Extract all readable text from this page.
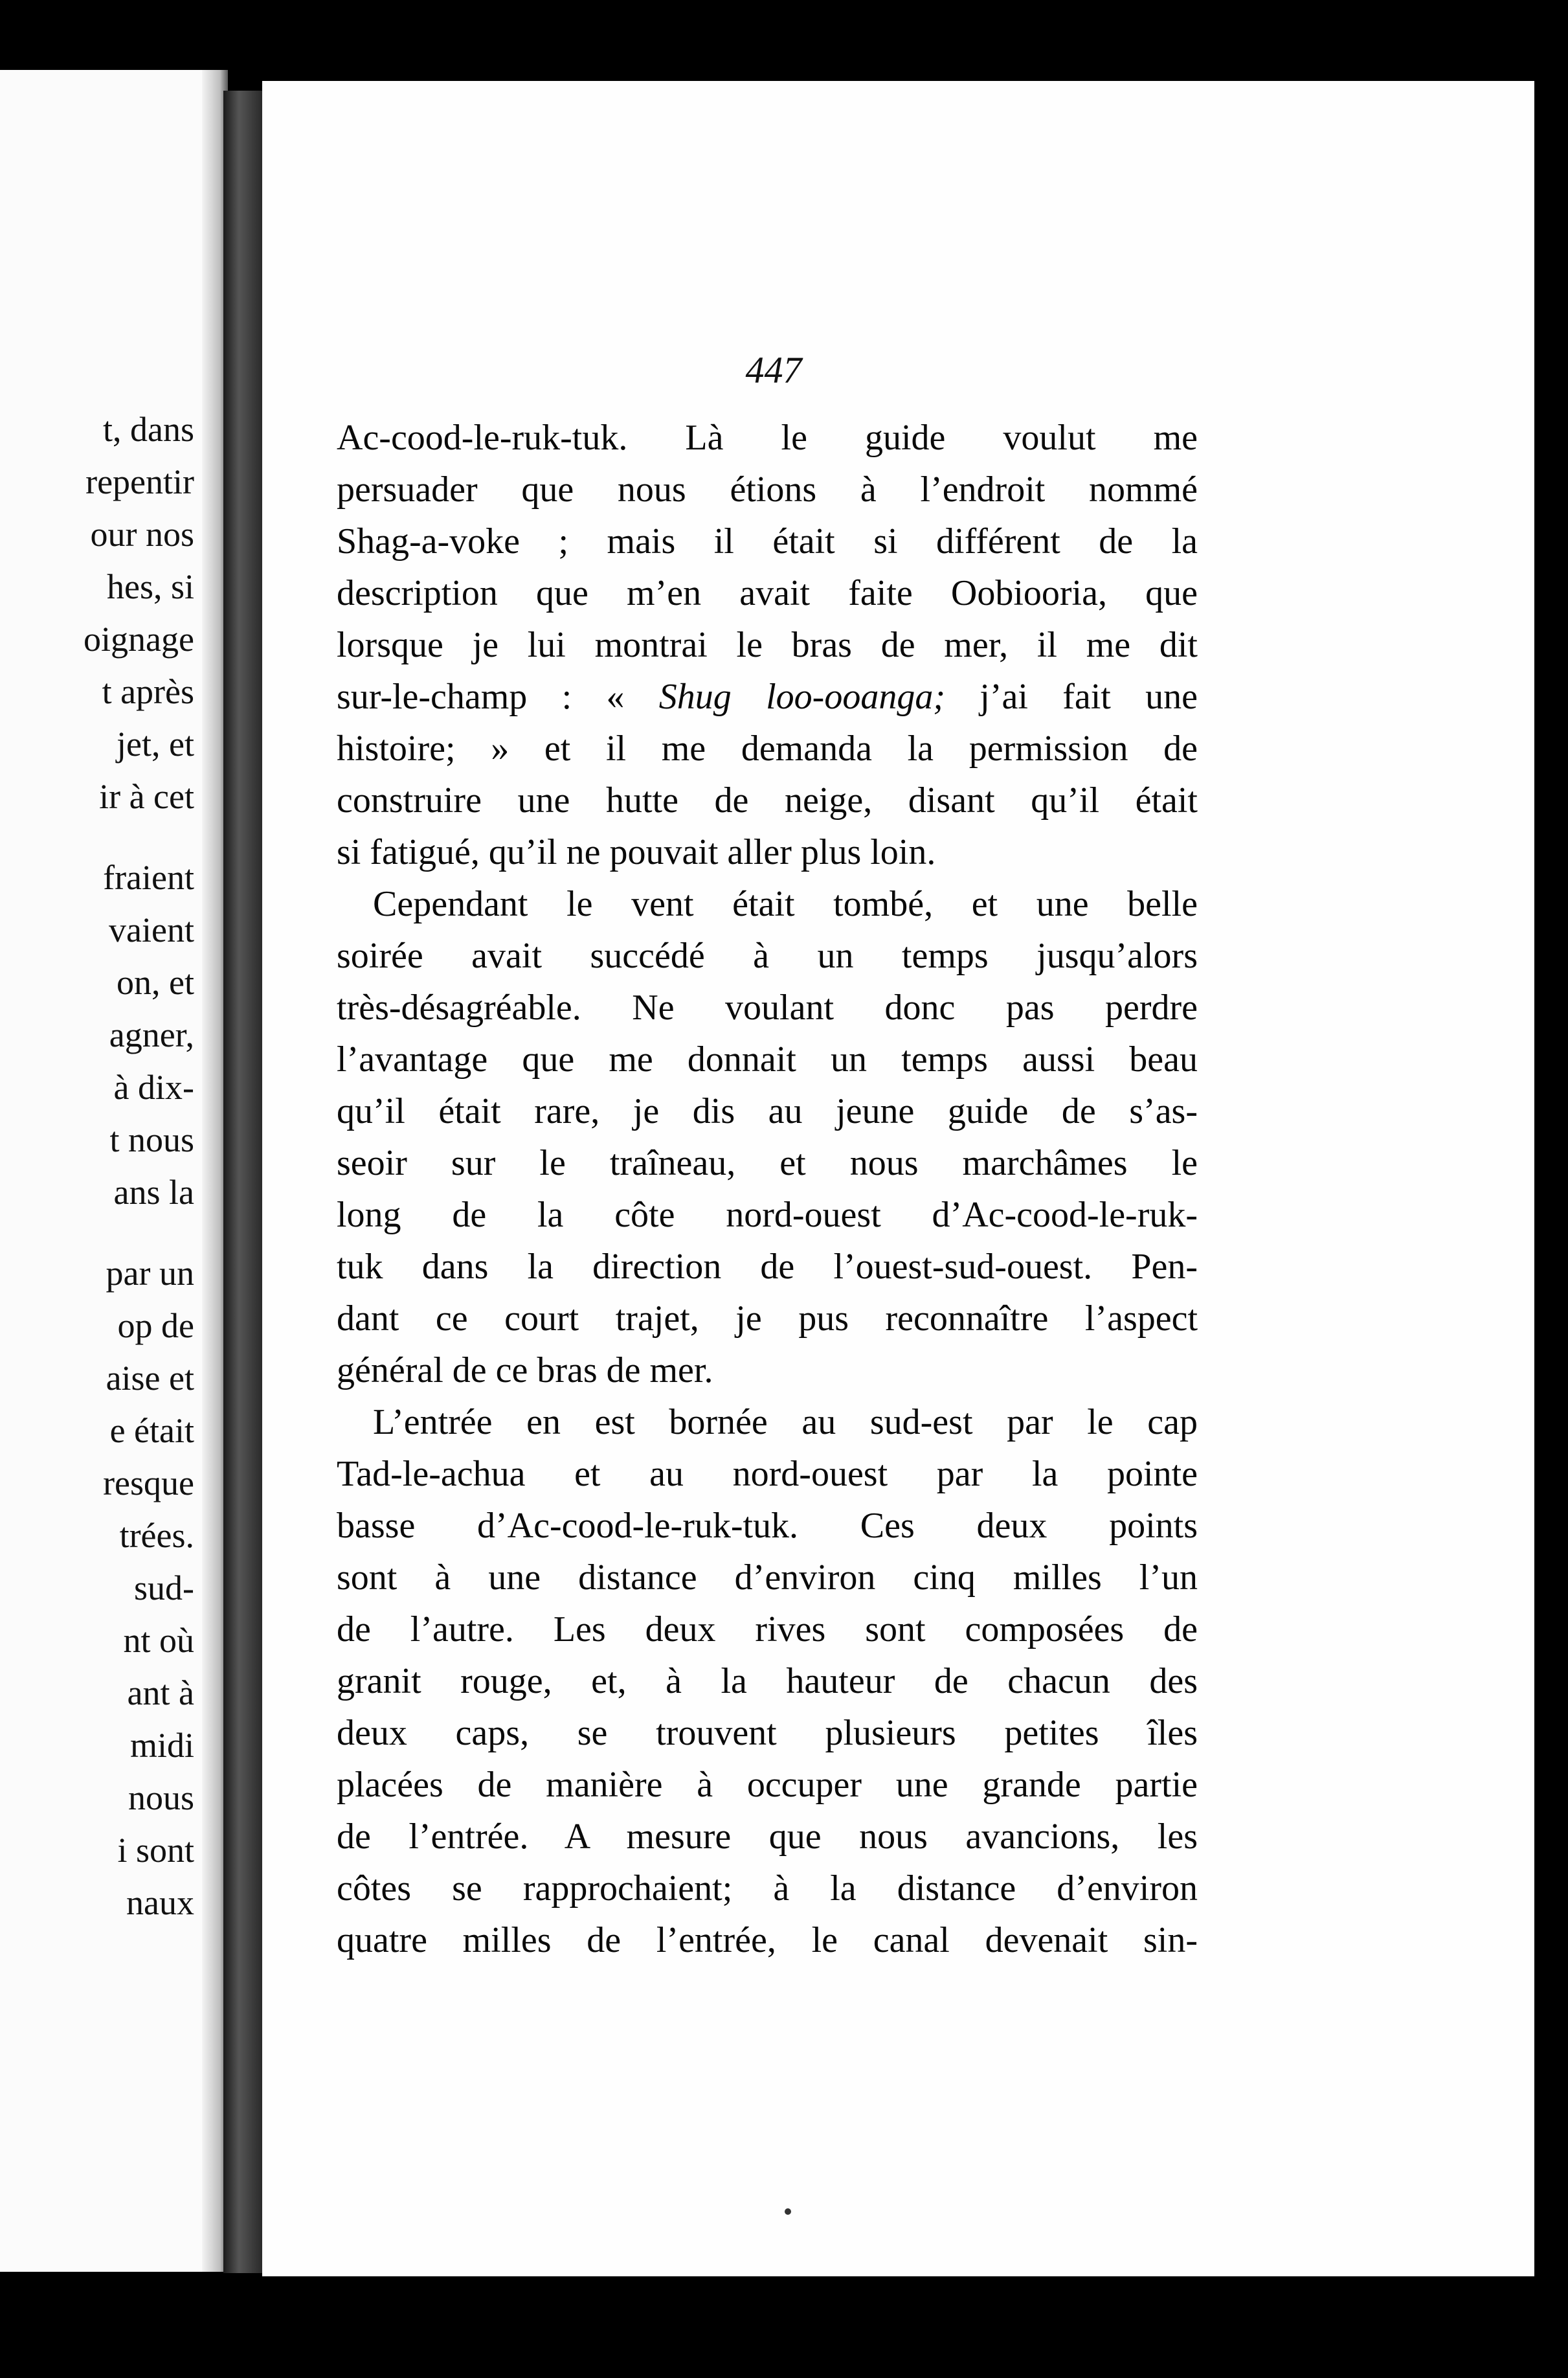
t, dans
repentir
our nos
hes, si
oignage
t après
jet, et
ir à cet
fraient
vaient
on, et
agner,
à dix-
t nous
ans la
par un
op de
aise et
e était
resque
trées.
sud-
nt où
ant à
midi
nous
i sont
naux
447
Ac-cood-le-ruk-tuk. Là le guide voulut me
persuader que nous étions à l’endroit nommé
Shag-a-voke ; mais il était si différent de la
description que m’en avait faite Oobiooria, que
lorsque je lui montrai le bras de mer, il me dit
sur-le-champ : « Shug loo-ooanga; j’ai fait une
histoire; » et il me demanda la permission de
construire une hutte de neige, disant qu’il était
si fatigué, qu’il ne pouvait aller plus loin.
Cependant le vent était tombé, et une belle
soirée avait succédé à un temps jusqu’alors
très-désagréable. Ne voulant donc pas perdre
l’avantage que me donnait un temps aussi beau
qu’il était rare, je dis au jeune guide de s’as-
seoir sur le traîneau, et nous marchâmes le
long de la côte nord-ouest d’Ac-cood-le-ruk-
tuk dans la direction de l’ouest-sud-ouest. Pen-
dant ce court trajet, je pus reconnaître l’aspect
général de ce bras de mer.
L’entrée en est bornée au sud-est par le cap
Tad-le-achua et au nord-ouest par la pointe
basse d’Ac-cood-le-ruk-tuk. Ces deux points
sont à une distance d’environ cinq milles l’un
de l’autre. Les deux rives sont composées de
granit rouge, et, à la hauteur de chacun des
deux caps, se trouvent plusieurs petites îles
placées de manière à occuper une grande partie
de l’entrée. A mesure que nous avancions, les
côtes se rapprochaient; à la distance d’environ
quatre milles de l’entrée, le canal devenait sin-
